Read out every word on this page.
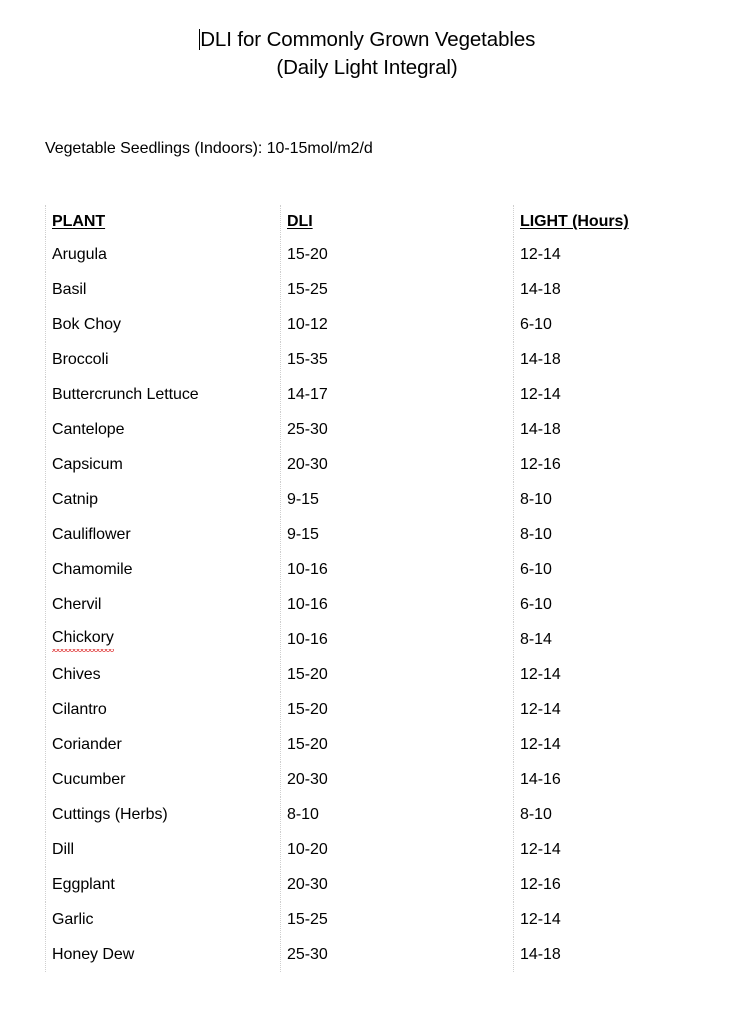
DLI for Commonly Grown Vegetables
(Daily Light Integral)
Vegetable Seedlings (Indoors): 10-15mol/m2/d
PLANT	DLI	LIGHT (Hours)
Arugula	15-20	12-14
Basil	15-25	14-18
Bok Choy	10-12	6-10
Broccoli	15-35	14-18
Buttercrunch Lettuce	14-17	12-14
Cantelope	25-30	14-18
Capsicum	20-30	12-16
Catnip	9-15	8-10
Cauliflower	9-15	8-10
Chamomile	10-16	6-10
Chervil	10-16	6-10
Chickory	10-16	8-14
Chives	15-20	12-14
Cilantro	15-20	12-14
Coriander	15-20	12-14
Cucumber	20-30	14-16
Cuttings (Herbs)	8-10	8-10
Dill	10-20	12-14
Eggplant	20-30	12-16
Garlic	15-25	12-14
Honey Dew	25-30	14-18
